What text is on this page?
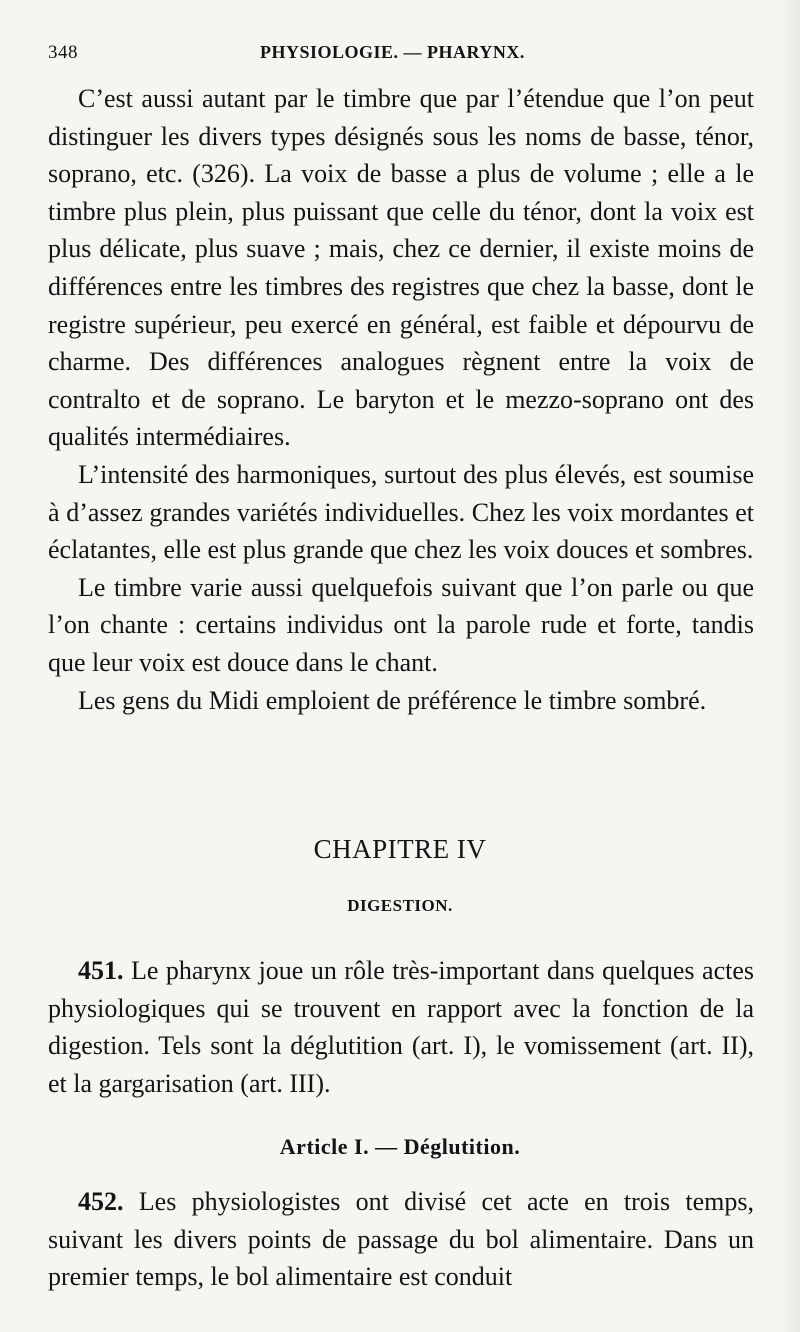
348	PHYSIOLOGIE. — PHARYNX.

C’est aussi autant par le timbre que par l’étendue que l’on peut distinguer les divers types désignés sous les noms de basse, ténor, soprano, etc. (326). La voix de basse a plus de volume ; elle a le timbre plus plein, plus puissant que celle du ténor, dont la voix est plus délicate, plus suave ; mais, chez ce dernier, il existe moins de différences entre les timbres des registres que chez la basse, dont le registre supérieur, peu exercé en général, est faible et dépourvu de charme. Des différences analogues règnent entre la voix de contralto et de soprano. Le baryton et le mezzo-soprano ont des qualités intermédiaires.

L’intensité des harmoniques, surtout des plus élevés, est soumise à d’assez grandes variétés individuelles. Chez les voix mordantes et éclatantes, elle est plus grande que chez les voix douces et sombres.

Le timbre varie aussi quelquefois suivant que l’on parle ou que l’on chante : certains individus ont la parole rude et forte, tandis que leur voix est douce dans le chant.

Les gens du Midi emploient de préférence le timbre sombré.

CHAPITRE IV
DIGESTION.

451. Le pharynx joue un rôle très-important dans quelques actes physiologiques qui se trouvent en rapport avec la fonction de la digestion. Tels sont la déglutition (art. I), le vomissement (art. II), et la gargarisation (art. III).

Article I. — Déglutition.

452. Les physiologistes ont divisé cet acte en trois temps, suivant les divers points de passage du bol alimentaire. Dans un premier temps, le bol alimentaire est conduit
